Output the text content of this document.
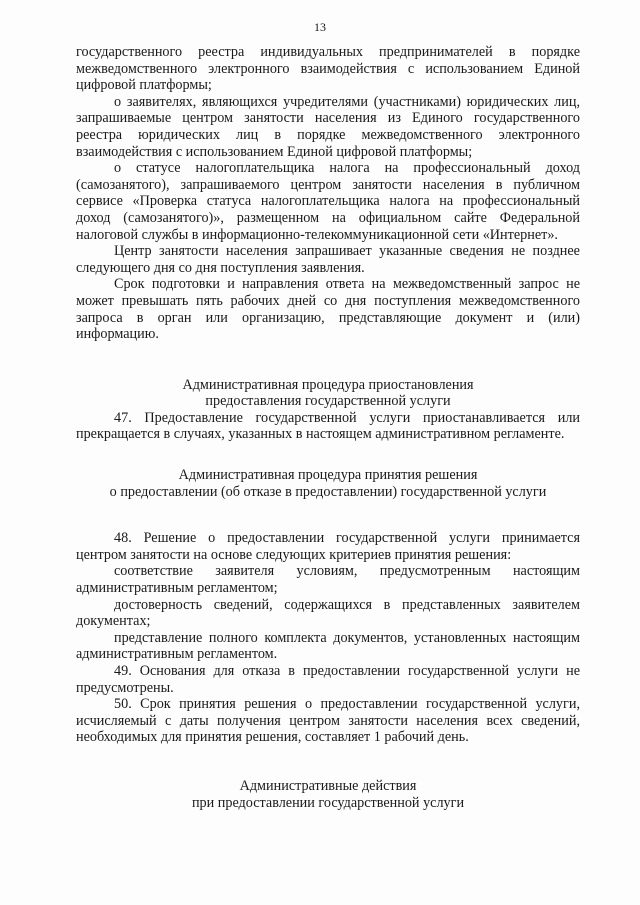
13

государственного реестра индивидуальных предпринимателей в порядке межведомственного электронного взаимодействия с использованием Единой цифровой платформы;

о заявителях, являющихся учредителями (участниками) юридических лиц, запрашиваемые центром занятости населения из Единого государственного реестра юридических лиц в порядке межведомственного электронного взаимодействия с использованием Единой цифровой платформы;

о статусе налогоплательщика налога на профессиональный доход (самозанятого), запрашиваемого центром занятости населения в публичном сервисе «Проверка статуса налогоплательщика налога на профессиональный доход (самозанятого)», размещенном на официальном сайте Федеральной налоговой службы в информационно-телекоммуникационной сети «Интернет».

Центр занятости населения запрашивает указанные сведения не позднее следующего дня со дня поступления заявления.

Срок подготовки и направления ответа на межведомственный запрос не может превышать пять рабочих дней со дня поступления межведомственного запроса в орган или организацию, представляющие документ и (или) информацию.

Административная процедура приостановления
предоставления государственной услуги

47. Предоставление государственной услуги приостанавливается или прекращается в случаях, указанных в настоящем административном регламенте.

Административная процедура принятия решения
о предоставлении (об отказе в предоставлении) государственной услуги

48. Решение о предоставлении государственной услуги принимается центром занятости на основе следующих критериев принятия решения:

соответствие заявителя условиям, предусмотренным настоящим административным регламентом;

достоверность сведений, содержащихся в представленных заявителем документах;

представление полного комплекта документов, установленных настоящим административным регламентом.

49. Основания для отказа в предоставлении государственной услуги не предусмотрены.

50. Срок принятия решения о предоставлении государственной услуги, исчисляемый с даты получения центром занятости населения всех сведений, необходимых для принятия решения, составляет 1 рабочий день.

Административные действия
при предоставлении государственной услуги
